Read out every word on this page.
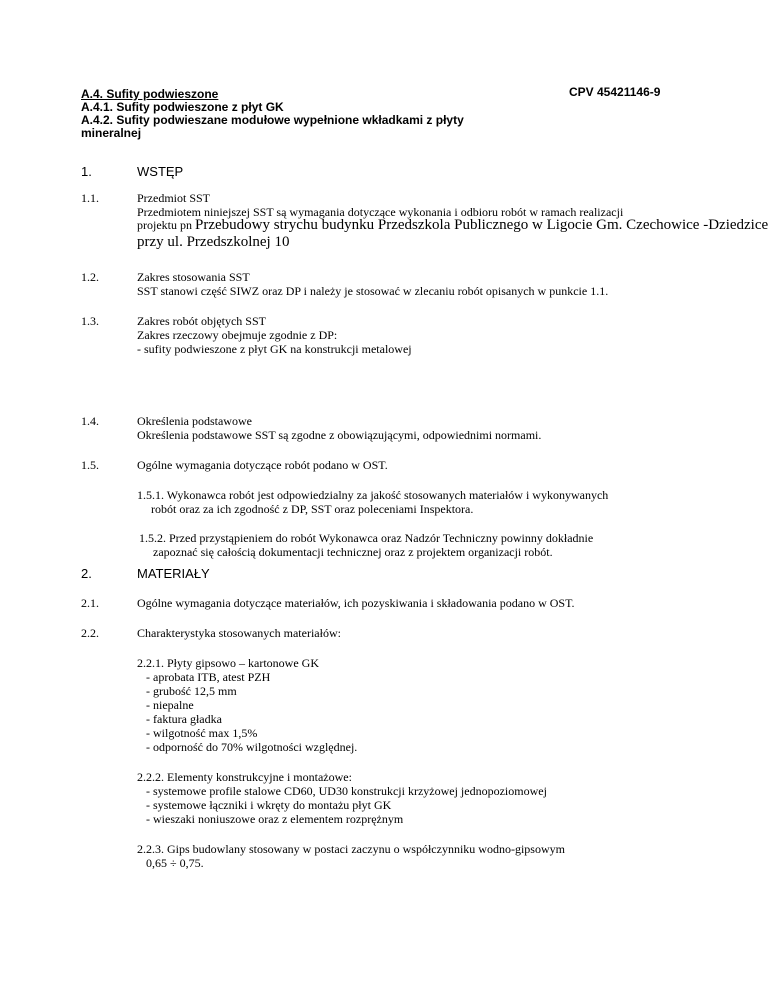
A.4. Sufity podwieszone	CPV 45421146-9
A.4.1. Sufity podwieszone z płyt GK
A.4.2. Sufity podwieszane modułowe wypełnione wkładkami z płyty
mineralnej
1.	WSTĘP
1.1.	Przedmiot SST
Przedmiotem niniejszej SST są wymagania dotyczące wykonania i odbioru robót w ramach realizacji
projektu pn Przebudowy strychu budynku Przedszkola Publicznego w Ligocie Gm. Czechowice -Dziedzice
przy ul. Przedszkolnej 10
1.2.	Zakres stosowania SST
SST stanowi część SIWZ oraz DP i należy je stosować w zlecaniu robót opisanych w punkcie 1.1.
1.3.	Zakres robót objętych SST
Zakres rzeczowy obejmuje zgodnie z DP:
- sufity podwieszone z płyt GK na konstrukcji metalowej
1.4.	Określenia podstawowe
Określenia podstawowe SST są zgodne z obowiązującymi, odpowiednimi normami.
1.5.	Ogólne wymagania dotyczące robót podano w OST.
1.5.1. Wykonawca robót jest odpowiedzialny za jakość stosowanych materiałów i wykonywanych
robót oraz za ich zgodność z DP, SST oraz poleceniami Inspektora.
1.5.2. Przed przystąpieniem do robót Wykonawca oraz Nadzór Techniczny powinny dokładnie
zapoznać się całością dokumentacji technicznej oraz z projektem organizacji robót.
2.	MATERIAŁY
2.1.	Ogólne wymagania dotyczące materiałów, ich pozyskiwania i składowania podano w OST.
2.2.	Charakterystyka stosowanych materiałów:
2.2.1. Płyty gipsowo – kartonowe GK
- aprobata ITB, atest PZH
- grubość 12,5 mm
- niepalne
- faktura gładka
- wilgotność max 1,5%
- odporność do 70% wilgotności względnej.
2.2.2. Elementy konstrukcyjne i montażowe:
- systemowe profile stalowe CD60, UD30 konstrukcji krzyżowej jednopoziomowej
- systemowe łączniki i wkręty do montażu płyt GK
- wieszaki noniuszowe oraz z elementem rozprężnym
2.2.3. Gips budowlany stosowany w postaci zaczynu o współczynniku wodno-gipsowym
0,65 ÷ 0,75.
